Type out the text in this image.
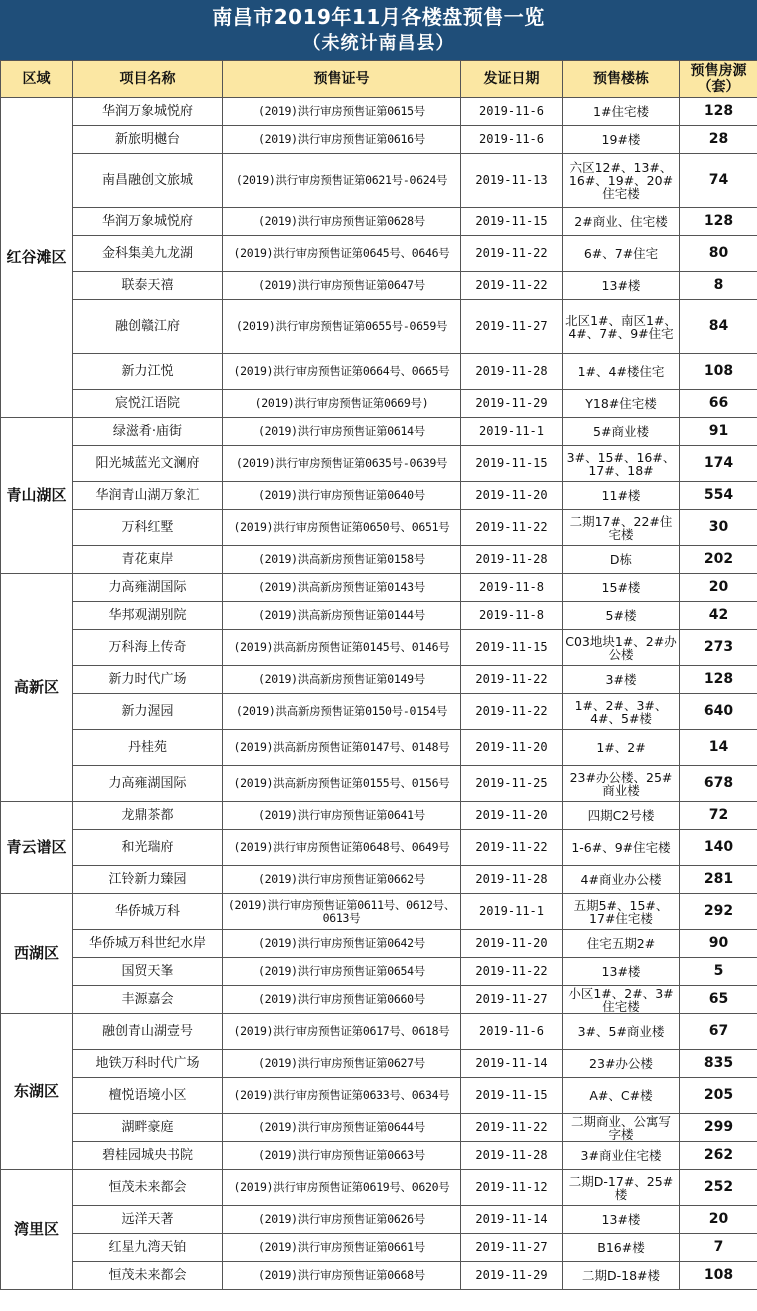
南昌市2019年11月各楼盘预售一览
（未统计南昌县）
区域	项目名称	预售证号	发证日期	预售楼栋	预售房源（套）
红谷滩区	华润万象城悦府	(2019)洪行审房预售证第0615号	2019-11-6	1#住宅楼	128
	新旅明樾台	(2019)洪行审房预售证第0616号	2019-11-6	19#楼	28
	南昌融创文旅城	(2019)洪行审房预售证第0621号-0624号	2019-11-13	六区12#、13#、16#、19#、20#住宅楼	74
	华润万象城悦府	(2019)洪行审房预售证第0628号	2019-11-15	2#商业、住宅楼	128
	金科集美九龙湖	(2019)洪行审房预售证第0645号、0646号	2019-11-22	6#、7#住宅	80
	联泰天禧	(2019)洪行审房预售证第0647号	2019-11-22	13#楼	8
	融创赣江府	(2019)洪行审房预售证第0655号-0659号	2019-11-27	北区1#、南区1#、4#、7#、9#住宅	84
	新力江悦	(2019)洪行审房预售证第0664号、0665号	2019-11-28	1#、4#楼住宅	108
	宸悦江语院	(2019)洪行审房预售证第0669号)	2019-11-29	Y18#住宅楼	66
青山湖区	绿滋肴·庙街	(2019)洪行审房预售证第0614号	2019-11-1	5#商业楼	91
	阳光城蓝光文澜府	(2019)洪行审房预售证第0635号-0639号	2019-11-15	3#、15#、16#、17#、18#	174
	华润青山湖万象汇	(2019)洪行审房预售证第0640号	2019-11-20	11#楼	554
	万科红墅	(2019)洪行审房预售证第0650号、0651号	2019-11-22	二期17#、22#住宅楼	30
	青花東岸	(2019)洪高新房预售证第0158号	2019-11-28	D栋	202
高新区	力高雍湖国际	(2019)洪高新房预售证第0143号	2019-11-8	15#楼	20
	华邦观湖别院	(2019)洪高新房预售证第0144号	2019-11-8	5#楼	42
	万科海上传奇	(2019)洪高新房预售证第0145号、0146号	2019-11-15	C03地块1#、2#办公楼	273
	新力时代广场	(2019)洪高新房预售证第0149号	2019-11-22	3#楼	128
	新力渥园	(2019)洪高新房预售证第0150号-0154号	2019-11-22	1#、2#、3#、4#、5#楼	640
	丹桂苑	(2019)洪高新房预售证第0147号、0148号	2019-11-20	1#、2#	14
	力高雍湖国际	(2019)洪高新房预售证第0155号、0156号	2019-11-25	23#办公楼、25#商业楼	678
青云谱区	龙鼎茶都	(2019)洪行审房预售证第0641号	2019-11-20	四期C2号楼	72
	和光瑞府	(2019)洪行审房预售证第0648号、0649号	2019-11-22	1-6#、9#住宅楼	140
	江铃新力臻园	(2019)洪行审房预售证第0662号	2019-11-28	4#商业办公楼	281
西湖区	华侨城万科	(2019)洪行审房预售证第0611号、0612号、0613号	2019-11-1	五期5#、15#、17#住宅楼	292
	华侨城万科世纪水岸	(2019)洪行审房预售证第0642号	2019-11-20	住宅五期2#	90
	国贸天峯	(2019)洪行审房预售证第0654号	2019-11-22	13#楼	5
	丰源嘉会	(2019)洪行审房预售证第0660号	2019-11-27	小区1#、2#、3#住宅楼	65
东湖区	融创青山湖壹号	(2019)洪行审房预售证第0617号、0618号	2019-11-6	3#、5#商业楼	67
	地铁万科时代广场	(2019)洪行审房预售证第0627号	2019-11-14	23#办公楼	835
	檀悦语境小区	(2019)洪行审房预售证第0633号、0634号	2019-11-15	A#、C#楼	205
	湖畔豪庭	(2019)洪行审房预售证第0644号	2019-11-22	二期商业、公寓写字楼	299
	碧桂园城央书院	(2019)洪行审房预售证第0663号	2019-11-28	3#商业住宅楼	262
湾里区	恒茂未来都会	(2019)洪行审房预售证第0619号、0620号	2019-11-12	二期D-17#、25#楼	252
	远洋天著	(2019)洪行审房预售证第0626号	2019-11-14	13#楼	20
	红星九湾天铂	(2019)洪行审房预售证第0661号	2019-11-27	B16#楼	7
	恒茂未来都会	(2019)洪行审房预售证第0668号	2019-11-29	二期D-18#楼	108
